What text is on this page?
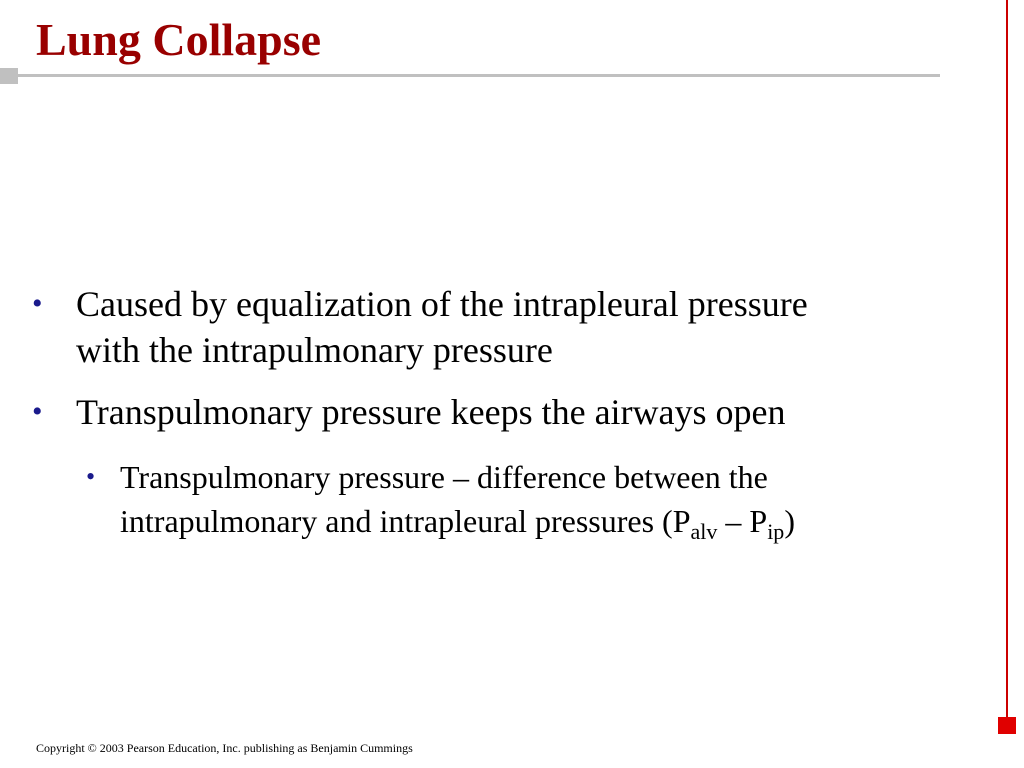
Lung Collapse
• Caused by equalization of the intrapleural pressure
with the intrapulmonary pressure
• Transpulmonary pressure keeps the airways open
• Transpulmonary pressure – difference between the
intrapulmonary and intrapleural pressures $(P_{alv} - P_{ip})$
Copyright © 2003 Pearson Education, Inc. publishing as Benjamin Cummings
